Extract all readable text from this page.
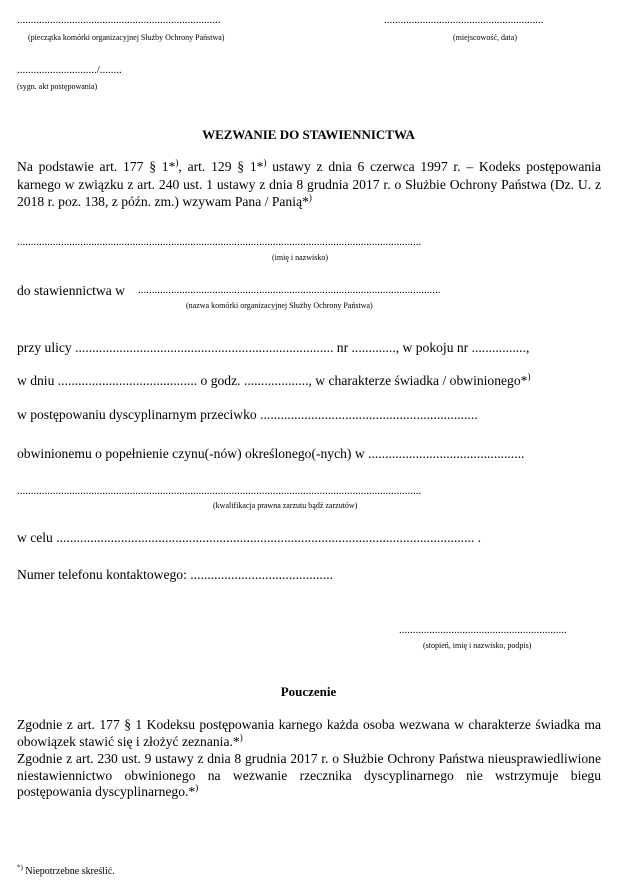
..........................................................................
(pieczątka komórki organizacyjnej Służby Ochrony Państwa)
..........................................................
(miejscowość, data)
............................./........
(sygn. akt postępowania)
WEZWANIE DO STAWIENNICTWA
Na podstawie art. 177 § 1*), art. 129 § 1*) ustawy z dnia 6 czerwca 1997 r. – Kodeks postępowania karnego w związku z art. 240 ust. 1 ustawy z dnia 8 grudnia 2017 r. o Służbie Ochrony Państwa (Dz. U. z 2018 r. poz. 138, z późn. zm.) wzywam Pana / Panią*)
...................................................................................................................................................
(imię i nazwisko)
do stawiennictwa w ..............................................................................................................
(nazwa komórki organizacyjnej Służby Ochrony Państwa)
przy ulicy ............................................................................ nr ............., w pokoju nr ................,
w dniu ......................................... o godz. ..................., w charakterze świadka / obwinionego*)
w postępowaniu dyscyplinarnym przeciwko ................................................................
obwinionemu o popełnienie czynu(-nów) określonego(-nych) w ..............................................
...................................................................................................................................................
(kwalifikacja prawna zarzutu bądź zarzutów)
w celu ........................................................................................................................... .
Numer telefonu kontaktowego: ..........................................
.............................................................
(stopień, imię i nazwisko, podpis)
Pouczenie
Zgodnie z art. 177 § 1 Kodeksu postępowania karnego każda osoba wezwana w charakterze świadka ma obowiązek stawić się i złożyć zeznania.*)
Zgodnie z art. 230 ust. 9 ustawy z dnia 8 grudnia 2017 r. o Służbie Ochrony Państwa nieusprawiedliwione niestawiennictwo obwinionego na wezwanie rzecznika dyscyplinarnego nie wstrzymuje biegu postępowania dyscyplinarnego.*)
*) Niepotrzebne skreślić.
